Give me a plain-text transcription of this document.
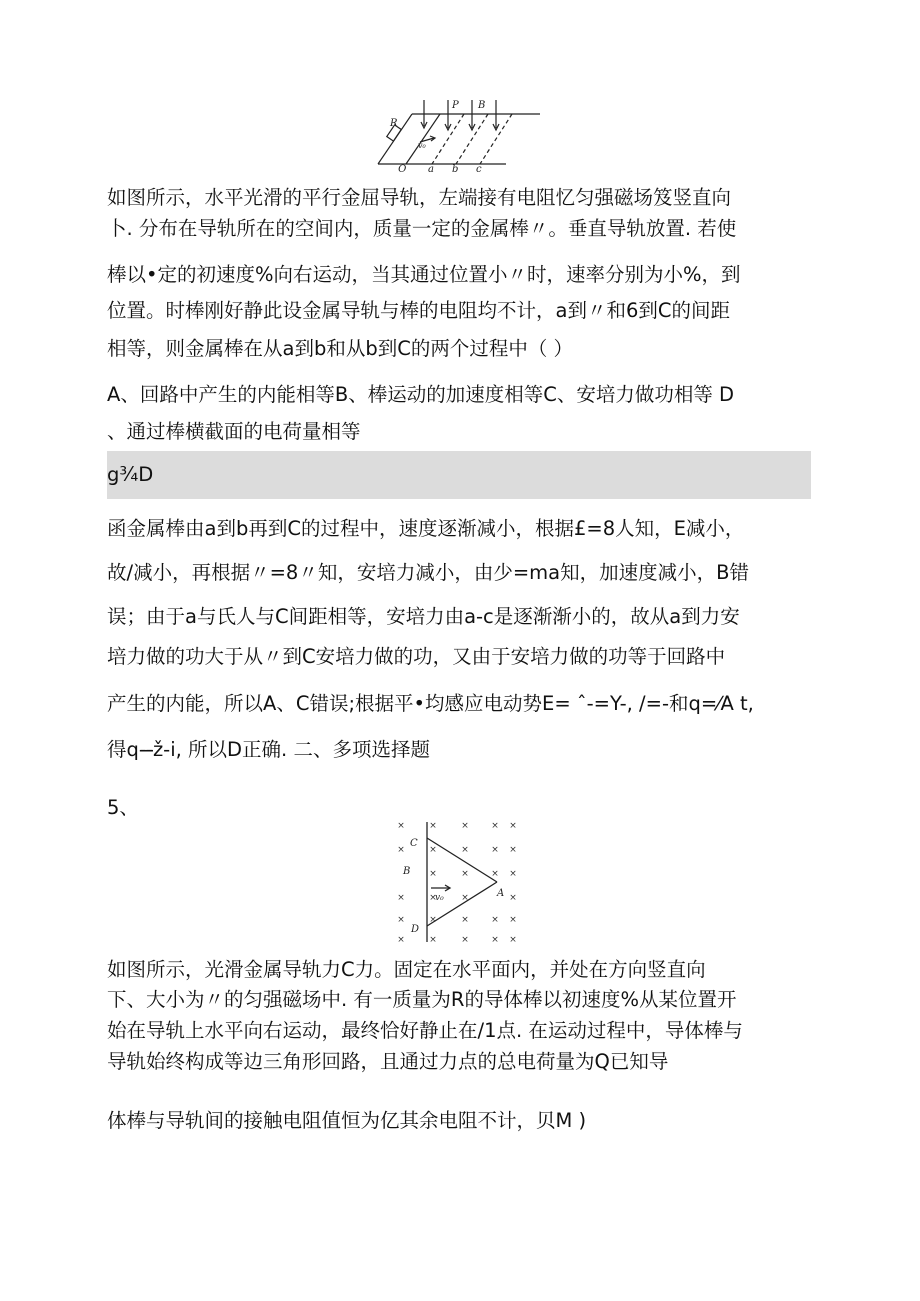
R
P B
v₀
Q a b c
如图所示，水平光滑的平行金屈导轨，左端接有电阻忆匀强磁场笈竖直向
卜. 分布在导轨所在的空间内，质量一定的金属棒〃。垂直导轨放置. 若使
棒以•定的初速度%向右运动，当其通过位置小〃时，速率分别为小%，到
位置。时棒刚好静此设金属导轨与棒的电阻均不计，a到〃和6到C的间距
相等，则金属棒在从a到b和从b到C的两个过程中（ ）
A、回路中产生的内能相等B、棒运动的加速度相等C、安培力做功相等 D
、通过棒横截面的电荷量相等
g¾D
函金属棒由a到b再到C的过程中，速度逐渐减小，根据£=8人知，E减小，
故/减小，再根据〃=8〃知，安培力减小，由少=ma知，加速度减小，B错
误；由于a与氏人与C间距相等，安培力由a-c是逐渐渐小的，故从a到力安
培力做的功大于从〃到C安培力做的功，又由于安培力做的功等于回路中
产生的内能，所以A、C错误;根据平•均感应电动势E= ˆ-=Y-, /=-和q=⁄A t,
得q--̶ž-i, 所以D正确. 二、多项选择题
5、
×	×	× × ×
×	×	× × ×
×	× × ×
×	×	×	×
×	×	× × ×
×	×	× × ×
C
B
A
D
v₀
如图所示，光滑金属导轨力C力。固定在水平面内，并处在方向竖直向
下、大小为〃的匀强磁场中. 有一质量为R的导体棒以初速度%从某位置开
始在导轨上水平向右运动，最终恰好静止在/1点. 在运动过程中，导体棒与
导轨始终构成等边三角形回路，且通过力点的总电荷量为Q已知导
体棒与导轨间的接触电阻值恒为亿其余电阻不计，贝M )
